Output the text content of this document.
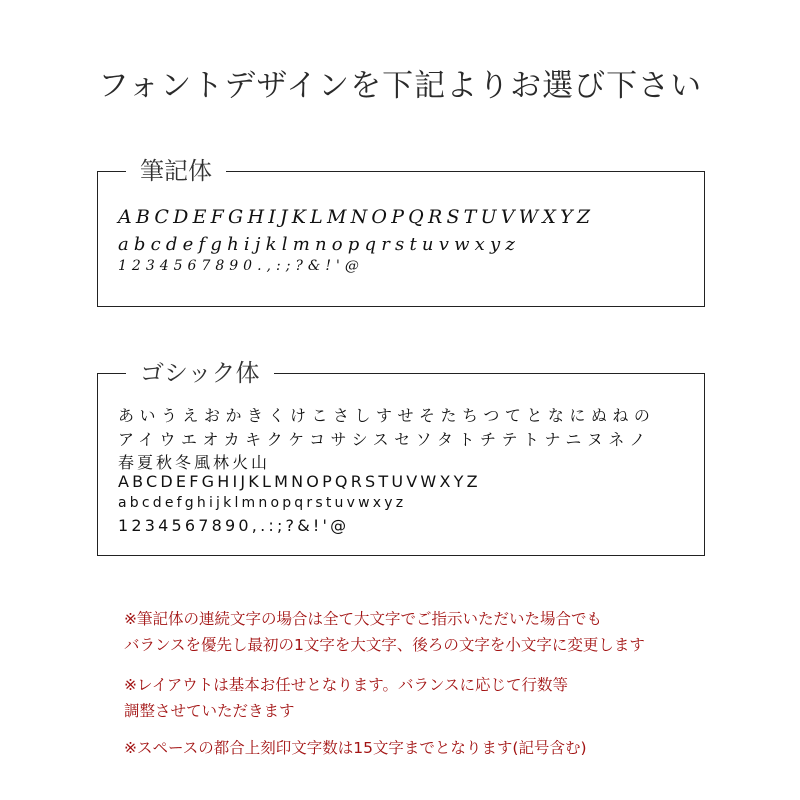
フォントデザインを下記よりお選び下さい
筆記体
ABCDEFGHIJKLMNOPQRSTUVWXYZ
abcdefghijklmnopqrstuvwxyz
1234567890.,:;?&!'@
ゴシック体
あいうえおかきくけこさしすせそたちつてとなにぬねの
アイウエオカキクケコサシスセソタトチテトナニヌネノ
春夏秋冬風林火山
ABCDEFGHIJKLMNOPQRSTUVWXYZ
abcdefghijklmnopqrstuvwxyz
1234567890,.:;?&!'@
※筆記体の連続文字の場合は全て大文字でご指示いただいた場合でも
バランスを優先し最初の1文字を大文字、後ろの文字を小文字に変更します
※レイアウトは基本お任せとなります。バランスに応じて行数等
調整させていただきます
※スペースの都合上刻印文字数は15文字までとなります(記号含む)
